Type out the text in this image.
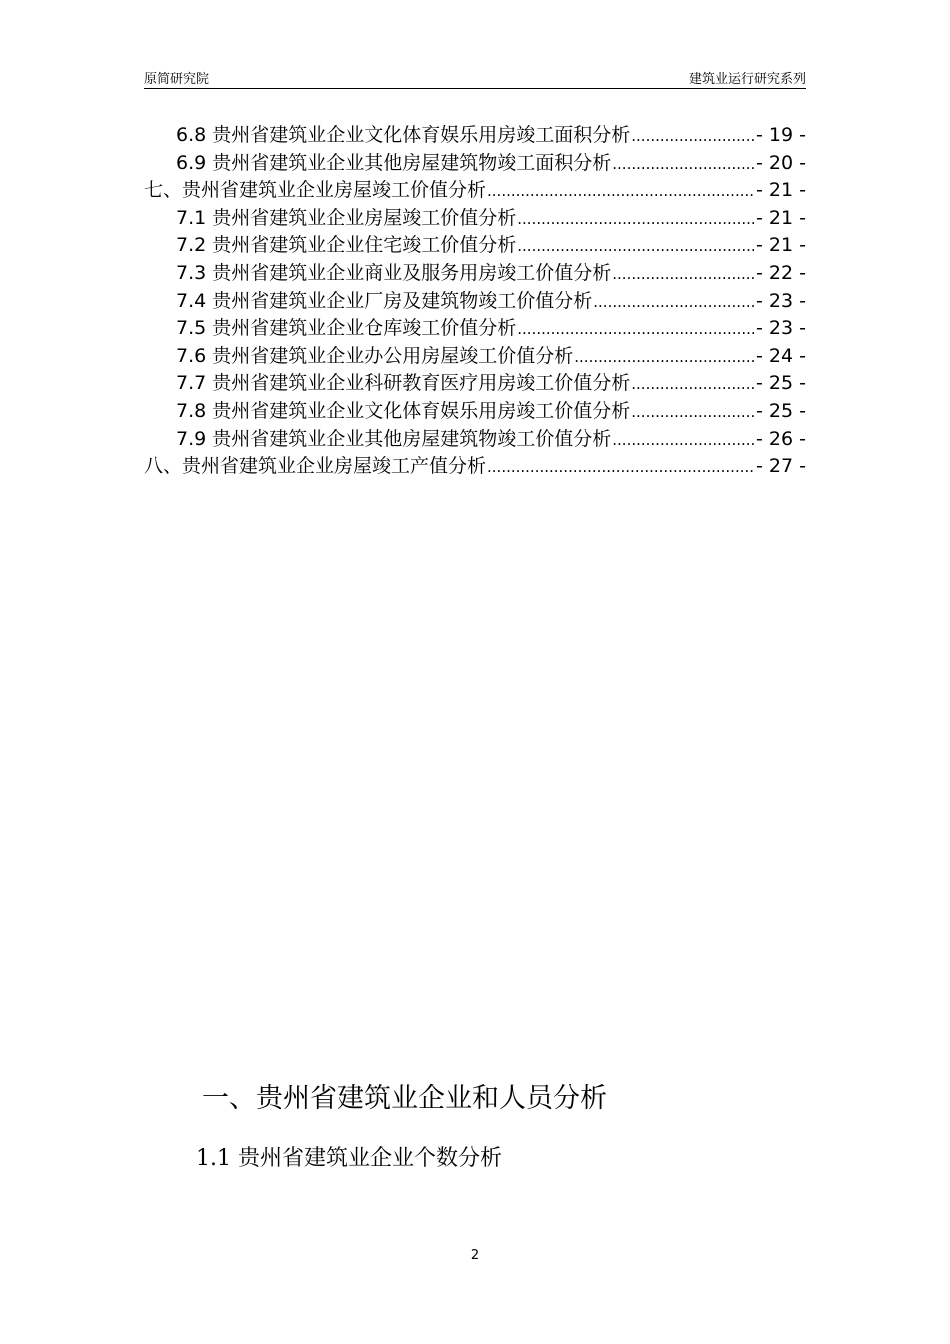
原简研究院	建筑业运行研究系列
6.8 贵州省建筑业企业文化体育娱乐用房竣工面积分析 .....	- 19 -
6.9 贵州省建筑业企业其他房屋建筑物竣工面积分析 .....	- 20 -
七、贵州省建筑业企业房屋竣工价值分析 .....	- 21 -
7.1 贵州省建筑业企业房屋竣工价值分析 .....	- 21 -
7.2 贵州省建筑业企业住宅竣工价值分析 .....	- 21 -
7.3 贵州省建筑业企业商业及服务用房竣工价值分析 .....	- 22 -
7.4 贵州省建筑业企业厂房及建筑物竣工价值分析 .....	- 23 -
7.5 贵州省建筑业企业仓库竣工价值分析 .....	- 23 -
7.6 贵州省建筑业企业办公用房屋竣工价值分析 .....	- 24 -
7.7 贵州省建筑业企业科研教育医疗用房竣工价值分析 .....	- 25 -
7.8 贵州省建筑业企业文化体育娱乐用房竣工价值分析 .....	- 25 -
7.9 贵州省建筑业企业其他房屋建筑物竣工价值分析 .....	- 26 -
八、贵州省建筑业企业房屋竣工产值分析 .....	- 27 -
一、贵州省建筑业企业和人员分析
1.1 贵州省建筑业企业个数分析
2
